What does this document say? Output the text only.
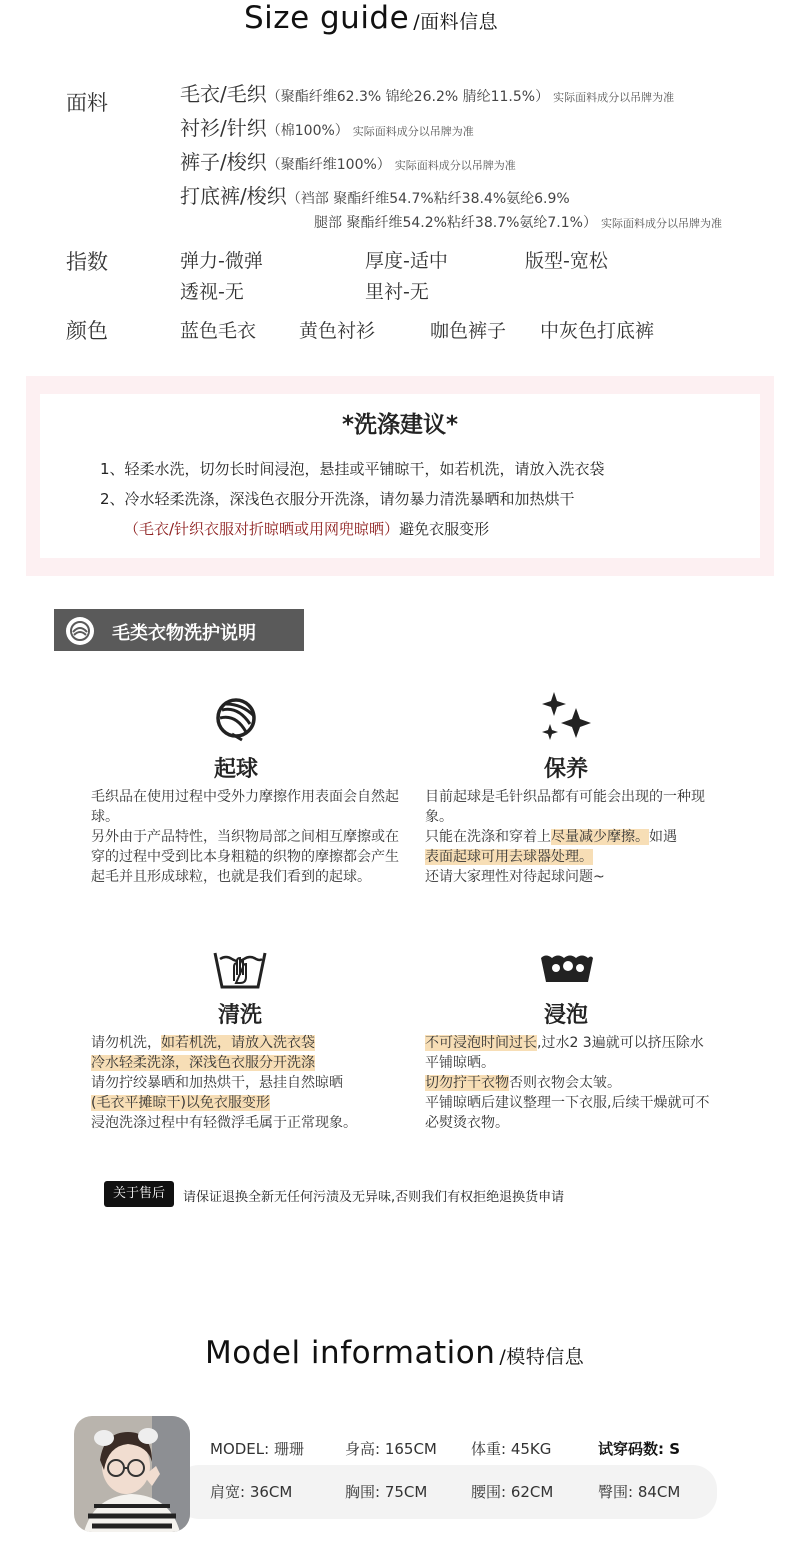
Size guide /面料信息
面料	毛衣/毛织（聚酯纤维62.3% 锦纶26.2% 腈纶11.5%） 实际面料成分以吊牌为准
衬衫/针织（棉100%） 实际面料成分以吊牌为准
裤子/梭织（聚酯纤维100%） 实际面料成分以吊牌为准
打底裤/梭织（裆部 聚酯纤维54.7%粘纤38.4%氨纶6.9%
腿部 聚酯纤维54.2%粘纤38.7%氨纶7.1%） 实际面料成分以吊牌为准
指数	弹力-微弹	厚度-适中	版型-宽松
透视-无	里衬-无
颜色	蓝色毛衣 黄色衬衫	咖色裤子 中灰色打底裤
*洗涤建议*
1、轻柔水洗，切勿长时间浸泡，悬挂或平铺晾干，如若机洗，请放入洗衣袋
2、冷水轻柔洗涤，深浅色衣服分开洗涤，请勿暴力清洗暴晒和加热烘干
（毛衣/针织衣服对折晾晒或用网兜晾晒）避免衣服变形
毛类衣物洗护说明
起球
毛织品在使用过程中受外力摩擦作用表面会自然起球。
另外由于产品特性，当织物局部之间相互摩擦或在穿的过程中受到比本身粗糙的织物的摩擦都会产生起毛并且形成球粒，也就是我们看到的起球。
保养
目前起球是毛针织品都有可能会出现的一种现象。
只能在洗涤和穿着上尽量减少摩擦。如遇
表面起球可用去球器处理。
还请大家理性对待起球问题~
清洗
请勿机洗，如若机洗，请放入洗衣袋
冷水轻柔洗涤，深浅色衣服分开洗涤
请勿拧绞暴晒和加热烘干，悬挂自然晾晒
(毛衣平摊晾干)以免衣服变形
浸泡洗涤过程中有轻微浮毛属于正常现象。
浸泡
不可浸泡时间过长,过水2 3遍就可以挤压除水平铺晾晒。
切勿拧干衣物否则衣物会太皱。
平铺晾晒后建议整理一下衣服,后续干燥就可不必熨烫衣物。
关于售后	请保证退换全新无任何污渍及无异味,否则我们有权拒绝退换货申请
Model information /模特信息
MODEL: 珊珊	身高: 165CM 体重: 45KG	试穿码数: S
肩宽: 36CM	胸围: 75CM	腰围: 62CM	臀围: 84CM
